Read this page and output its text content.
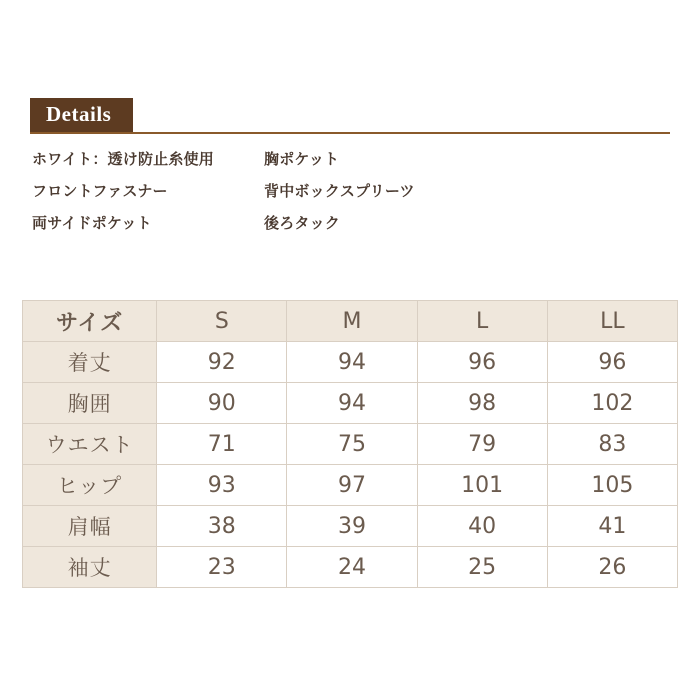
Details
ホワイト：透け防止糸使用	胸ポケット
フロントファスナー	背中ボックスプリーツ
両サイドポケット	後ろタック
サイズ	S	M	L	LL
着丈	92	94	96	96
胸囲	90	94	98	102
ウエスト	71	75	79	83
ヒップ	93	97	101	105
肩幅	38	39	40	41
袖丈	23	24	25	26
